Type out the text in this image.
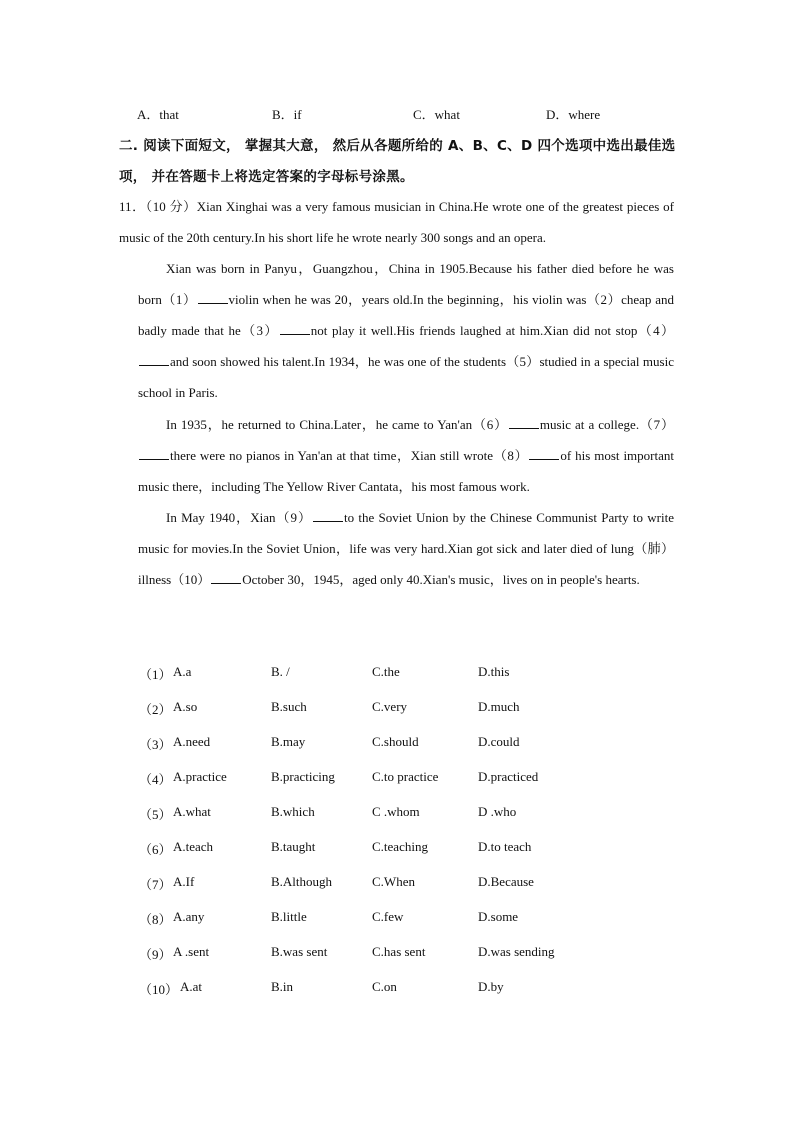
A．that	B．if	C．what	D．where
二. 阅读下面短文， 掌握其大意， 然后从各题所给的 A、B、C、D 四个选项中选出最佳选 项， 并在答题卡上将选定答案的字母标号涂黑。
11．（10 分）Xian Xinghai was a very famous musician in China.He wrote one of the greatest pieces of music of the 20th century.In his short life he wrote nearly 300 songs and an opera.
Xian was born in Panyu，Guangzhou，China in 1905.Because his father died before he was born（1） violin when he was 20，years old.In the beginning，his violin was（2）cheap and badly made that he（3） not play it well.His friends laughed at him.Xian did not stop（4）and soon showed his talent.In 1934，he was one of the students（5）studied in a special music school in Paris.
In 1935，he returned to China.Later，he came to Yan'an（6） music at a college.（7）there were no pianos in Yan'an at that time，Xian still wrote（8） of his most important music there，including The Yellow River Cantata，his most famous work.
In May 1940，Xian（9） to the Soviet Union by the Chinese Communist Party to write music for movies.In the Soviet Union，life was very hard.Xian got sick and later died of lung（肺）illness（10） October 30，1945，aged only 40.Xian's music，lives on in people's hearts.
（1） A.a	B. /	C.the	D.this
（2） A.so	B.such	C.very	D.much
（3） A.need	B.may	C.should	D.could
（4） A.practice	B.practicing	C.to practice	D.practiced
（5） A.what	B.which	C .whom	D .who
（6） A.teach	B.taught	C.teaching	D.to teach
（7） A.If	B.Although	C.When	D.Because
（8） A.any	B.little	C.few	D.some
（9） A .sent	B.was sent	C.has sent	D.was sending
（10） A.at	B.in	C.on	D.by
